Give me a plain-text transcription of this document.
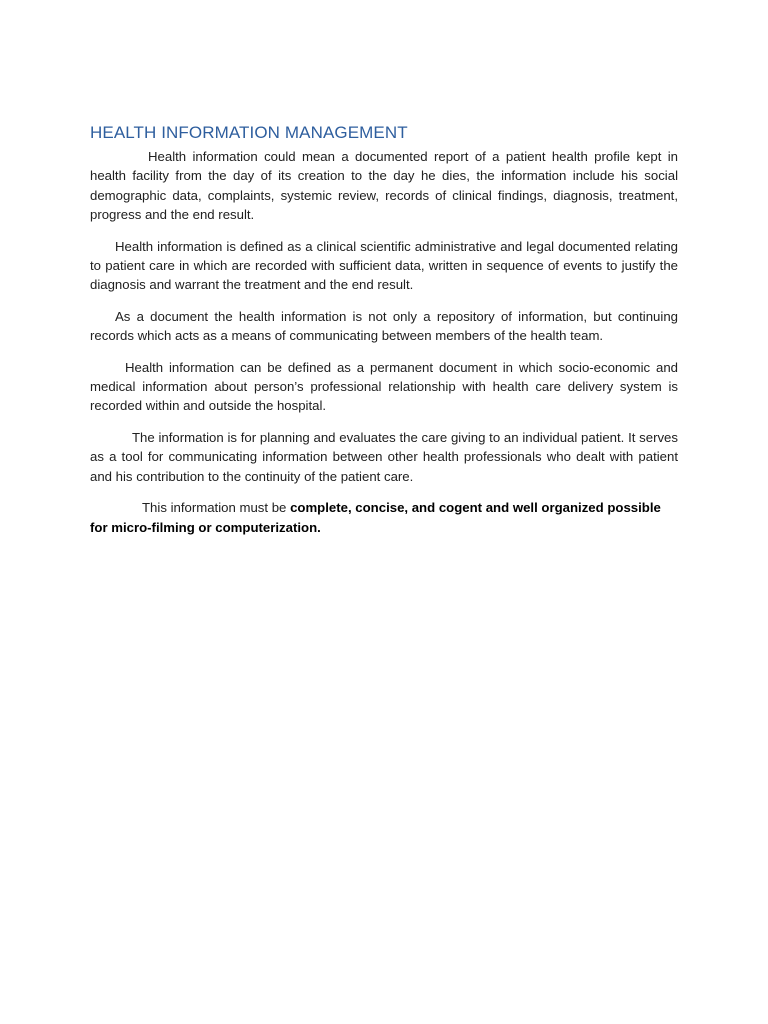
HEALTH INFORMATION MANAGEMENT

Health information could mean a documented report of a patient health profile kept in health facility from the day of its creation to the day he dies, the information include his social demographic data, complaints, systemic review, records of clinical findings, diagnosis, treatment, progress and the end result.

Health information is defined as a clinical scientific administrative and legal documented relating to patient care in which are recorded with sufficient data, written in sequence of events to justify the diagnosis and warrant the treatment and the end result.

As a document the health information is not only a repository of information, but continuing records which acts as a means of communicating between members of the health team.

Health information can be defined as a permanent document in which socio-economic and medical information about person’s professional relationship with health care delivery system is recorded within and outside the hospital.

The information is for planning and evaluates the care giving to an individual patient. It serves as a tool for communicating information between other health professionals who dealt with patient and his contribution to the continuity of the patient care.

This information must be complete, concise, and cogent and well organized possible for micro-filming or computerization.
